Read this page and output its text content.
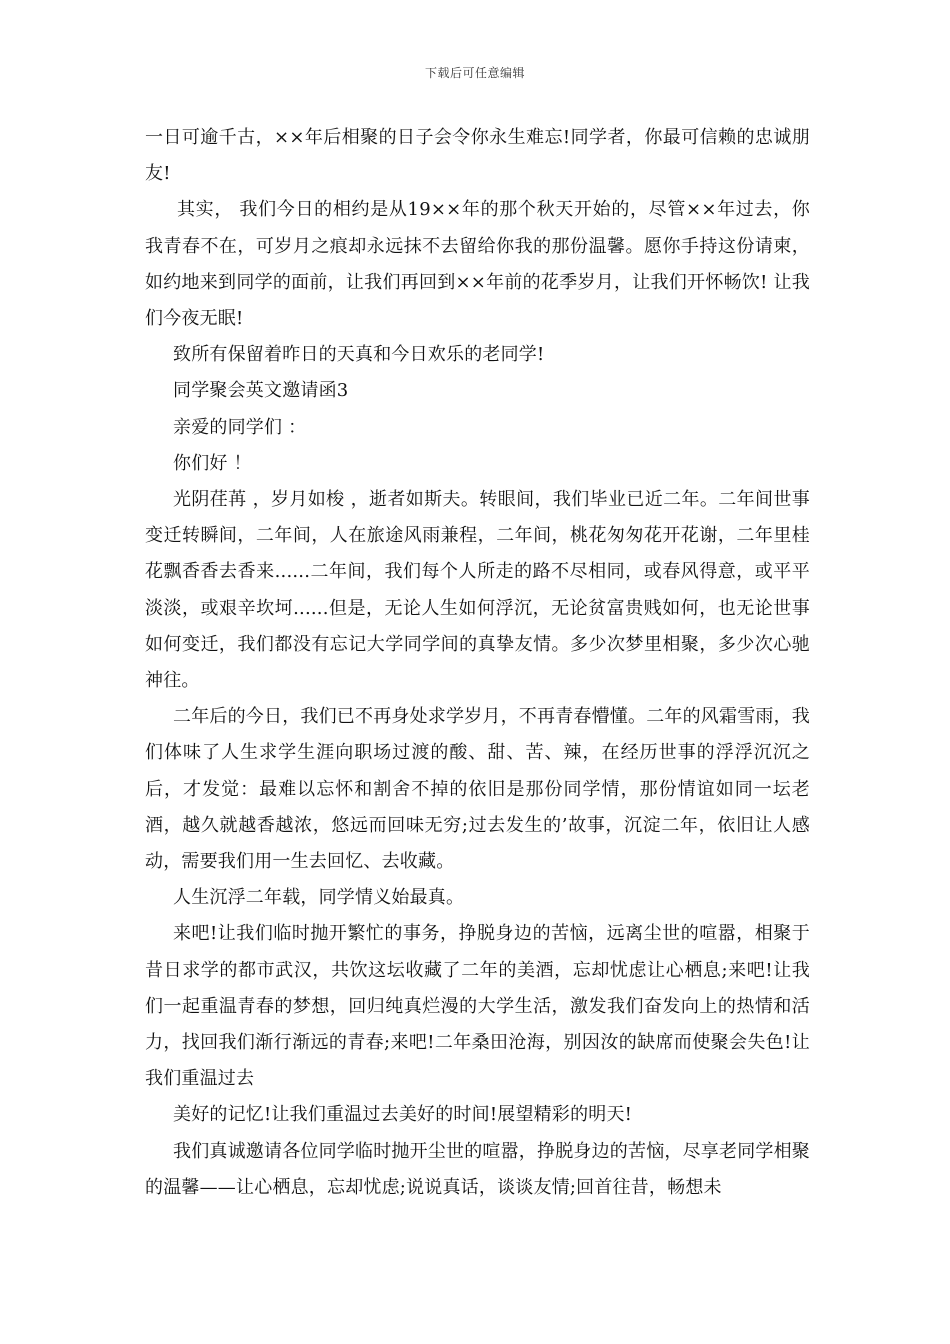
下载后可任意编辑

一日可逾千古，××年后相聚的日子会令你永生难忘!同学者，你最可信赖的忠诚朋友!

其实， 我们今日的相约是从19××年的那个秋天开始的，尽管××年过去，你我青春不在，可岁月之痕却永远抹不去留给你我的那份温馨。愿你手持这份请柬，如约地来到同学的面前，让我们再回到××年前的花季岁月，让我们开怀畅饮! 让我们今夜无眠!

致所有保留着昨日的天真和今日欢乐的老同学!

同学聚会英文邀请函3

亲爱的同学们 ：

你们好 ！

光阴荏苒 ，岁月如梭 ，逝者如斯夫。转眼间，我们毕业已近二年。二年间世事变迁转瞬间，二年间，人在旅途风雨兼程，二年间，桃花匆匆花开花谢，二年里桂花飘香香去香来......二年间，我们每个人所走的路不尽相同，或春风得意，或平平淡淡，或艰辛坎坷......但是，无论人生如何浮沉，无论贫富贵贱如何，也无论世事如何变迁，我们都没有忘记大学同学间的真挚友情。多少次梦里相聚，多少次心驰神往。

二年后的今日，我们已不再身处求学岁月，不再青春懵懂。二年的风霜雪雨，我们体味了人生求学生涯向职场过渡的酸、甜、苦、辣，在经历世事的浮浮沉沉之后，才发觉：最难以忘怀和割舍不掉的依旧是那份同学情，那份情谊如同一坛老酒，越久就越香越浓，悠远而回味无穷;过去发生的’故事，沉淀二年，依旧让人感动，需要我们用一生去回忆、去收藏。

人生沉浮二年载，同学情义始最真。

来吧!让我们临时抛开繁忙的事务，挣脱身边的苦恼，远离尘世的喧嚣，相聚于昔日求学的都市武汉，共饮这坛收藏了二年的美酒，忘却忧虑让心栖息;来吧!让我们一起重温青春的梦想，回归纯真烂漫的大学生活，激发我们奋发向上的热情和活力，找回我们渐行渐远的青春;来吧!二年桑田沧海，别因汝的缺席而使聚会失色!让我们重温过去

美好的记忆!让我们重温过去美好的时间!展望精彩的明天!

我们真诚邀请各位同学临时抛开尘世的喧嚣，挣脱身边的苦恼，尽享老同学相聚的温馨——让心栖息，忘却忧虑;说说真话，谈谈友情;回首往昔，畅想未
